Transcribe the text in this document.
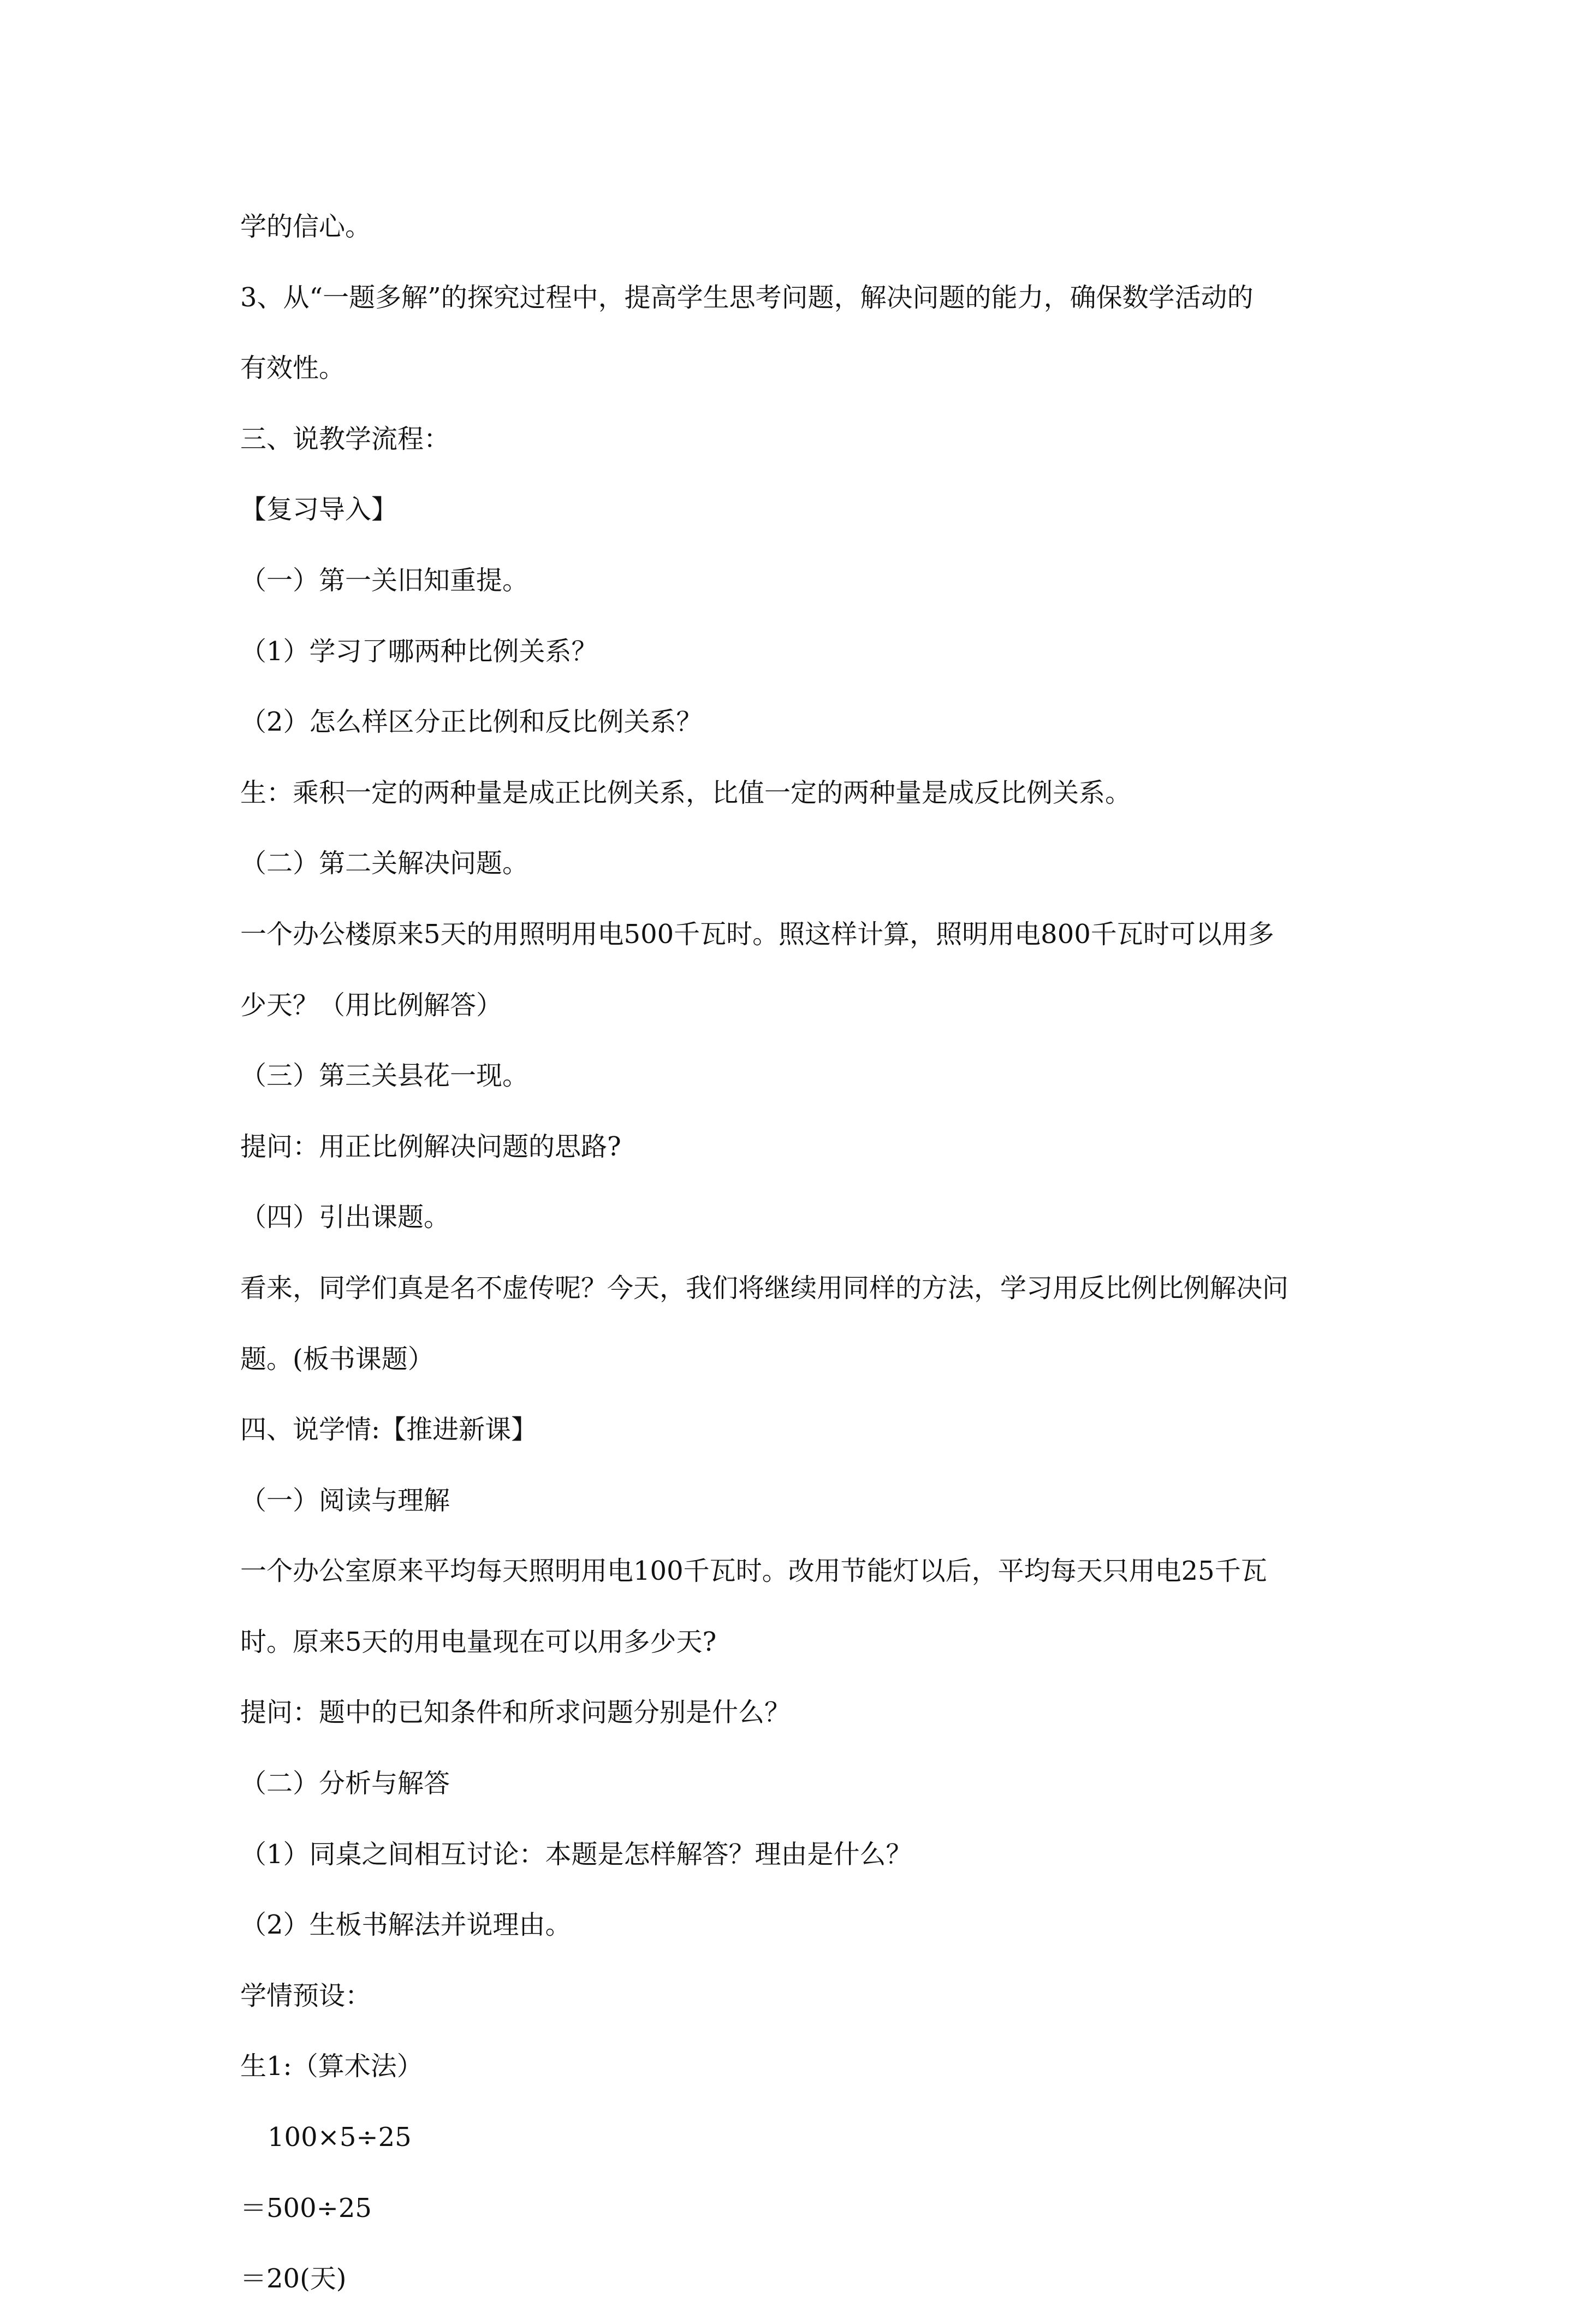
学的信心。
3、从“一题多解”的探究过程中，提高学生思考问题，解决问题的能力，确保数学活动的
有效性。
三、说教学流程：
【复习导入】
（一）第一关旧知重提。
（1）学习了哪两种比例关系？
（2）怎么样区分正比例和反比例关系？
生：乘积一定的两种量是成正比例关系，比值一定的两种量是成反比例关系。
（二）第二关解决问题。
一个办公楼原来5天的用照明用电500千瓦时。照这样计算，照明用电800千瓦时可以用多
少天？（用比例解答）
（三）第三关县花一现。
提问：用正比例解决问题的思路?
（四）引出课题。
看来，同学们真是名不虚传呢？今天，我们将继续用同样的方法，学习用反比例比例解决问
题。(板书课题）
四、说学情:【推进新课】
（一）阅读与理解
一个办公室原来平均每天照明用电100千瓦时。改用节能灯以后，平均每天只用电25千瓦
时。原来5天的用电量现在可以用多少天?
提问：题中的已知条件和所求问题分别是什么？
（二）分析与解答
（1）同桌之间相互讨论：本题是怎样解答？理由是什么？
（2）生板书解法并说理由。
学情预设：
生1:（算术法）
100×5÷25
＝500÷25
＝20(天)
